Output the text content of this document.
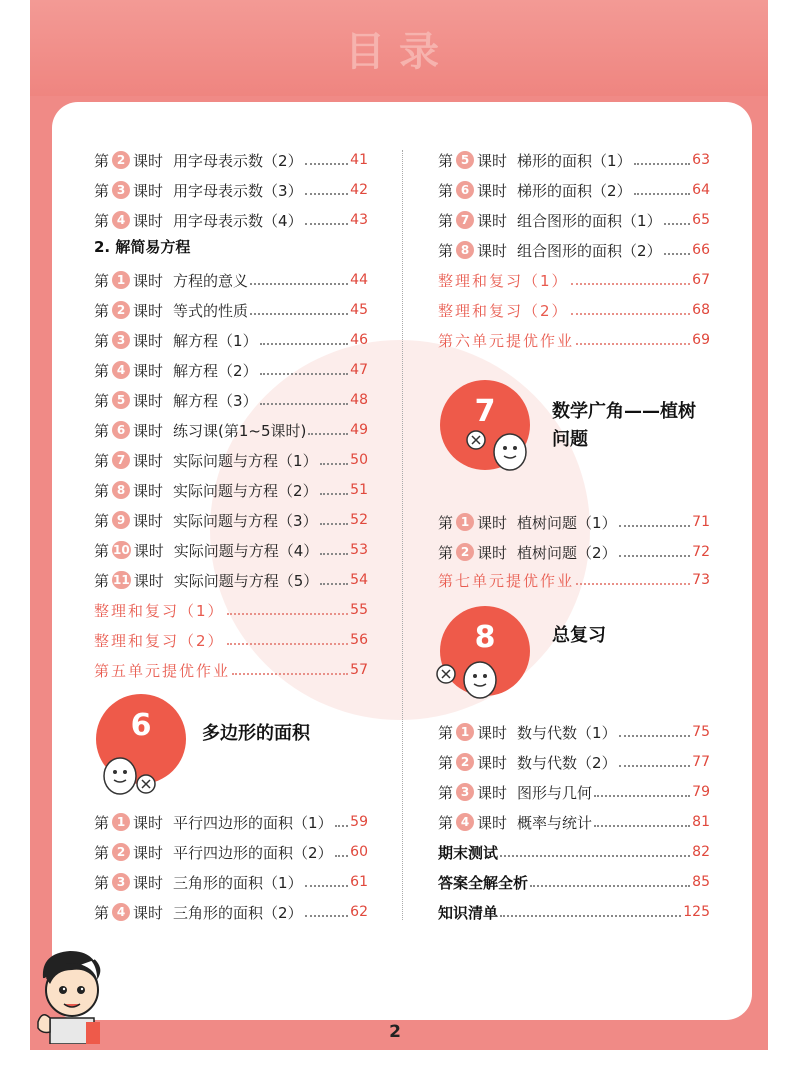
目录
第 2 课时 用字母表示数（2）	41
第 3 课时 用字母表示数（3）	42
第 4 课时 用字母表示数（4）	43
2. 解简易方程
第 1 课时 方程的意义	44
第 2 课时 等式的性质	45
第 3 课时 解方程（1）	46
第 4 课时 解方程（2）	47
第 5 课时 解方程（3）	48
第 6 课时 练习课(第1~5课时)	49
第 7 课时 实际问题与方程（1） 50
第 8 课时 实际问题与方程（2） 51
第 9 课时 实际问题与方程（3） 52
第 10 课时 实际问题与方程（4） 53
第 11 课时 实际问题与方程（5） 54
整理和复习（1）	55
整理和复习（2）	56
第五单元提优作业	57
6	多边形的面积
第 1 课时 平行四边形的面积（1） 59
第 2 课时 平行四边形的面积（2） 60
第 3 课时 三角形的面积（1）	61
第 4 课时 三角形的面积（2）	62
第 5 课时 梯形的面积（1）	63
第 6 课时 梯形的面积（2）	64
第 7 课时 组合图形的面积（1） 65
第 8 课时 组合图形的面积（2） 66
整理和复习（1）	67
整理和复习（2）	68
第六单元提优作业	69
7	数学广角——植树
问题
第 1 课时 植树问题（1）	71
第 2 课时 植树问题（2）	72
第七单元提优作业	73
8	总复习
第 1 课时 数与代数（1）	75
第 2 课时 数与代数（2）	77
第 3 课时 图形与几何	79
第 4 课时 概率与统计	81
期末测试	82
答案全解全析	85
知识清单	125
2
